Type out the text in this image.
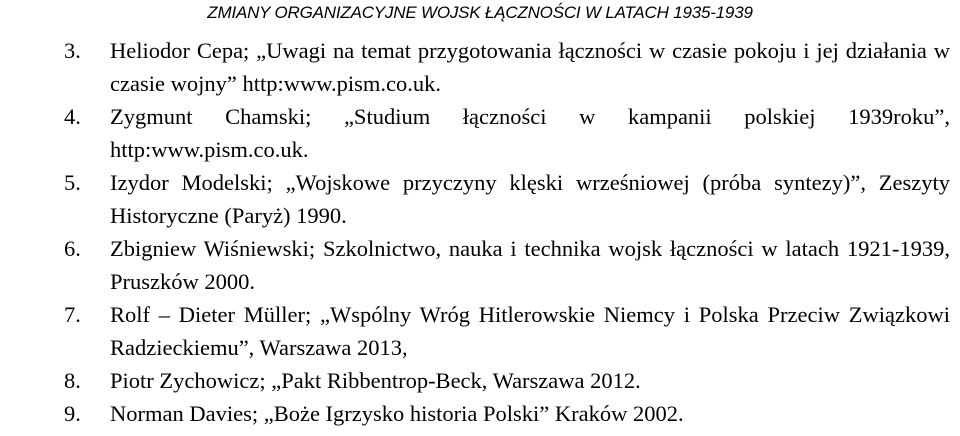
ZMIANY ORGANIZACYJNE WOJSK ŁĄCZNOŚCI W LATACH 1935-1939
3. Heliodor Cepa; „Uwagi na temat przygotowania łączności w czasie pokoju i jej działania w czasie wojny” http:www.pism.co.uk.
4. Zygmunt Chamski; „Studium łączności w kampanii polskiej 1939roku”, http:www.pism.co.uk.
5. Izydor Modelski; „Wojskowe przyczyny klęski wrześniowej (próba syntezy)”, Zeszyty Historyczne (Paryż) 1990.
6. Zbigniew Wiśniewski; Szkolnictwo, nauka i technika wojsk łączności w latach 1921-1939, Pruszków 2000.
7. Rolf – Dieter Müller; „Wspólny Wróg Hitlerowskie Niemcy i Polska Przeciw Związkowi Radzieckiemu”, Warszawa 2013,
8. Piotr Zychowicz; „Pakt Ribbentrop-Beck, Warszawa 2012.
9. Norman Davies; „Boże Igrzysko historia Polski” Kraków 2002.
